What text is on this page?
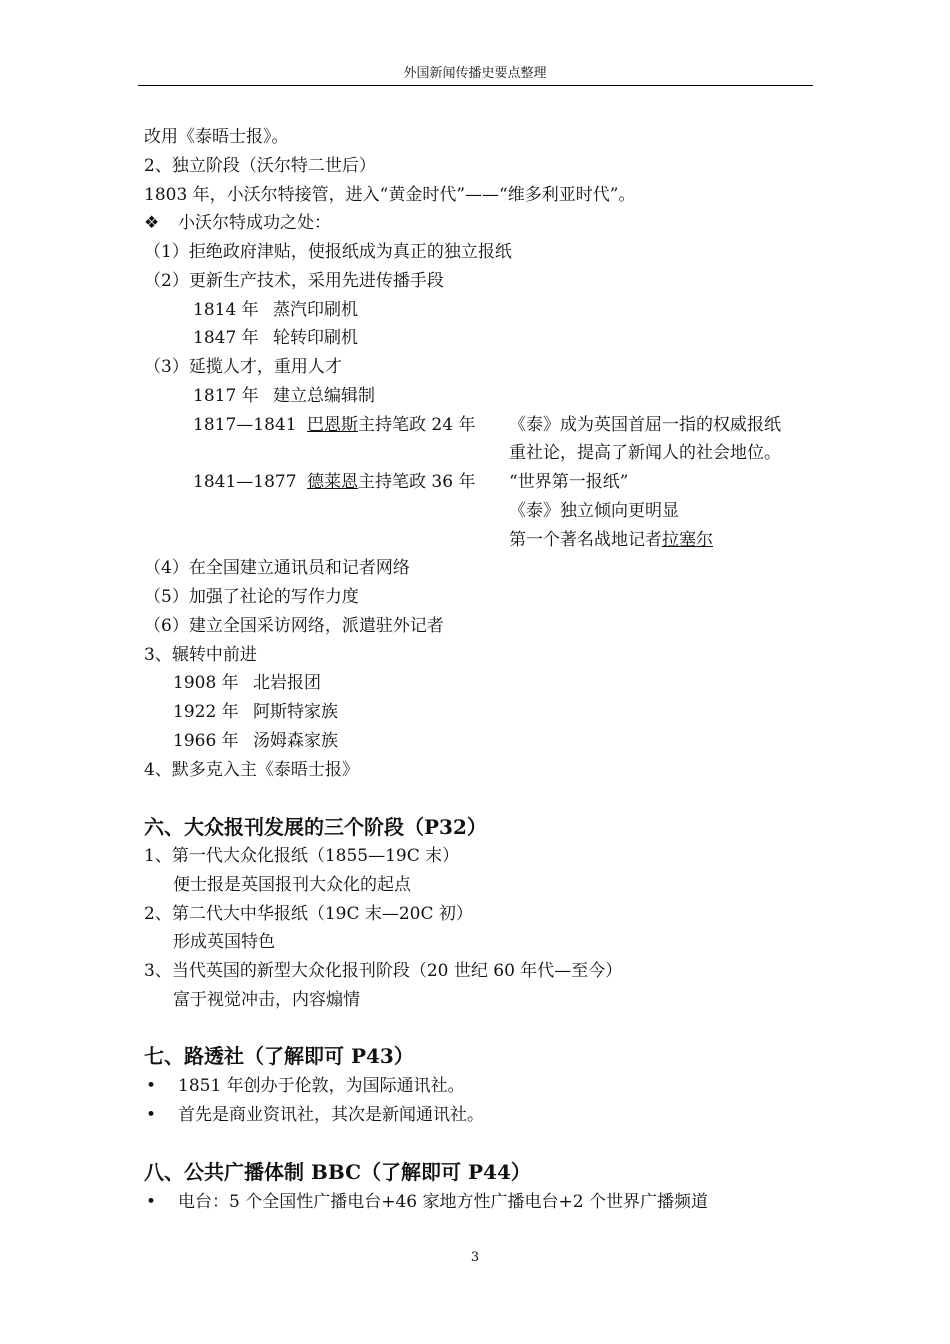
外国新闻传播史要点整理
改用《泰晤士报》。
2、独立阶段（沃尔特二世后）
1803 年，小沃尔特接管，进入“黄金时代”——“维多利亚时代”。
❖ 小沃尔特成功之处：
（1）拒绝政府津贴，使报纸成为真正的独立报纸
（2）更新生产技术，采用先进传播手段
1814 年 蒸汽印刷机
1847 年 轮转印刷机
（3）延揽人才，重用人才
1817 年 建立总编辑制
1817—1841 巴恩斯主持笔政 24 年 《泰》成为英国首屈一指的权威报纸
重社论，提高了新闻人的社会地位。
1841—1877 德莱恩主持笔政 36 年 “世界第一报纸”
《泰》独立倾向更明显
第一个著名战地记者拉塞尔
（4）在全国建立通讯员和记者网络
（5）加强了社论的写作力度
（6）建立全国采访网络，派遣驻外记者
3、辗转中前进
1908 年 北岩报团
1922 年 阿斯特家族
1966 年 汤姆森家族
4、默多克入主《泰晤士报》
六、大众报刊发展的三个阶段（P32）
1、第一代大众化报纸（1855—19C 末）
便士报是英国报刊大众化的起点
2、第二代大中华报纸（19C 末—20C 初）
形成英国特色
3、当代英国的新型大众化报刊阶段（20 世纪 60 年代—至今）
富于视觉冲击，内容煽情
七、路透社（了解即可 P43）
• 1851 年创办于伦敦，为国际通讯社。
• 首先是商业资讯社，其次是新闻通讯社。
八、公共广播体制 BBC（了解即可 P44）
• 电台：5 个全国性广播电台+46 家地方性广播电台+2 个世界广播频道
3
